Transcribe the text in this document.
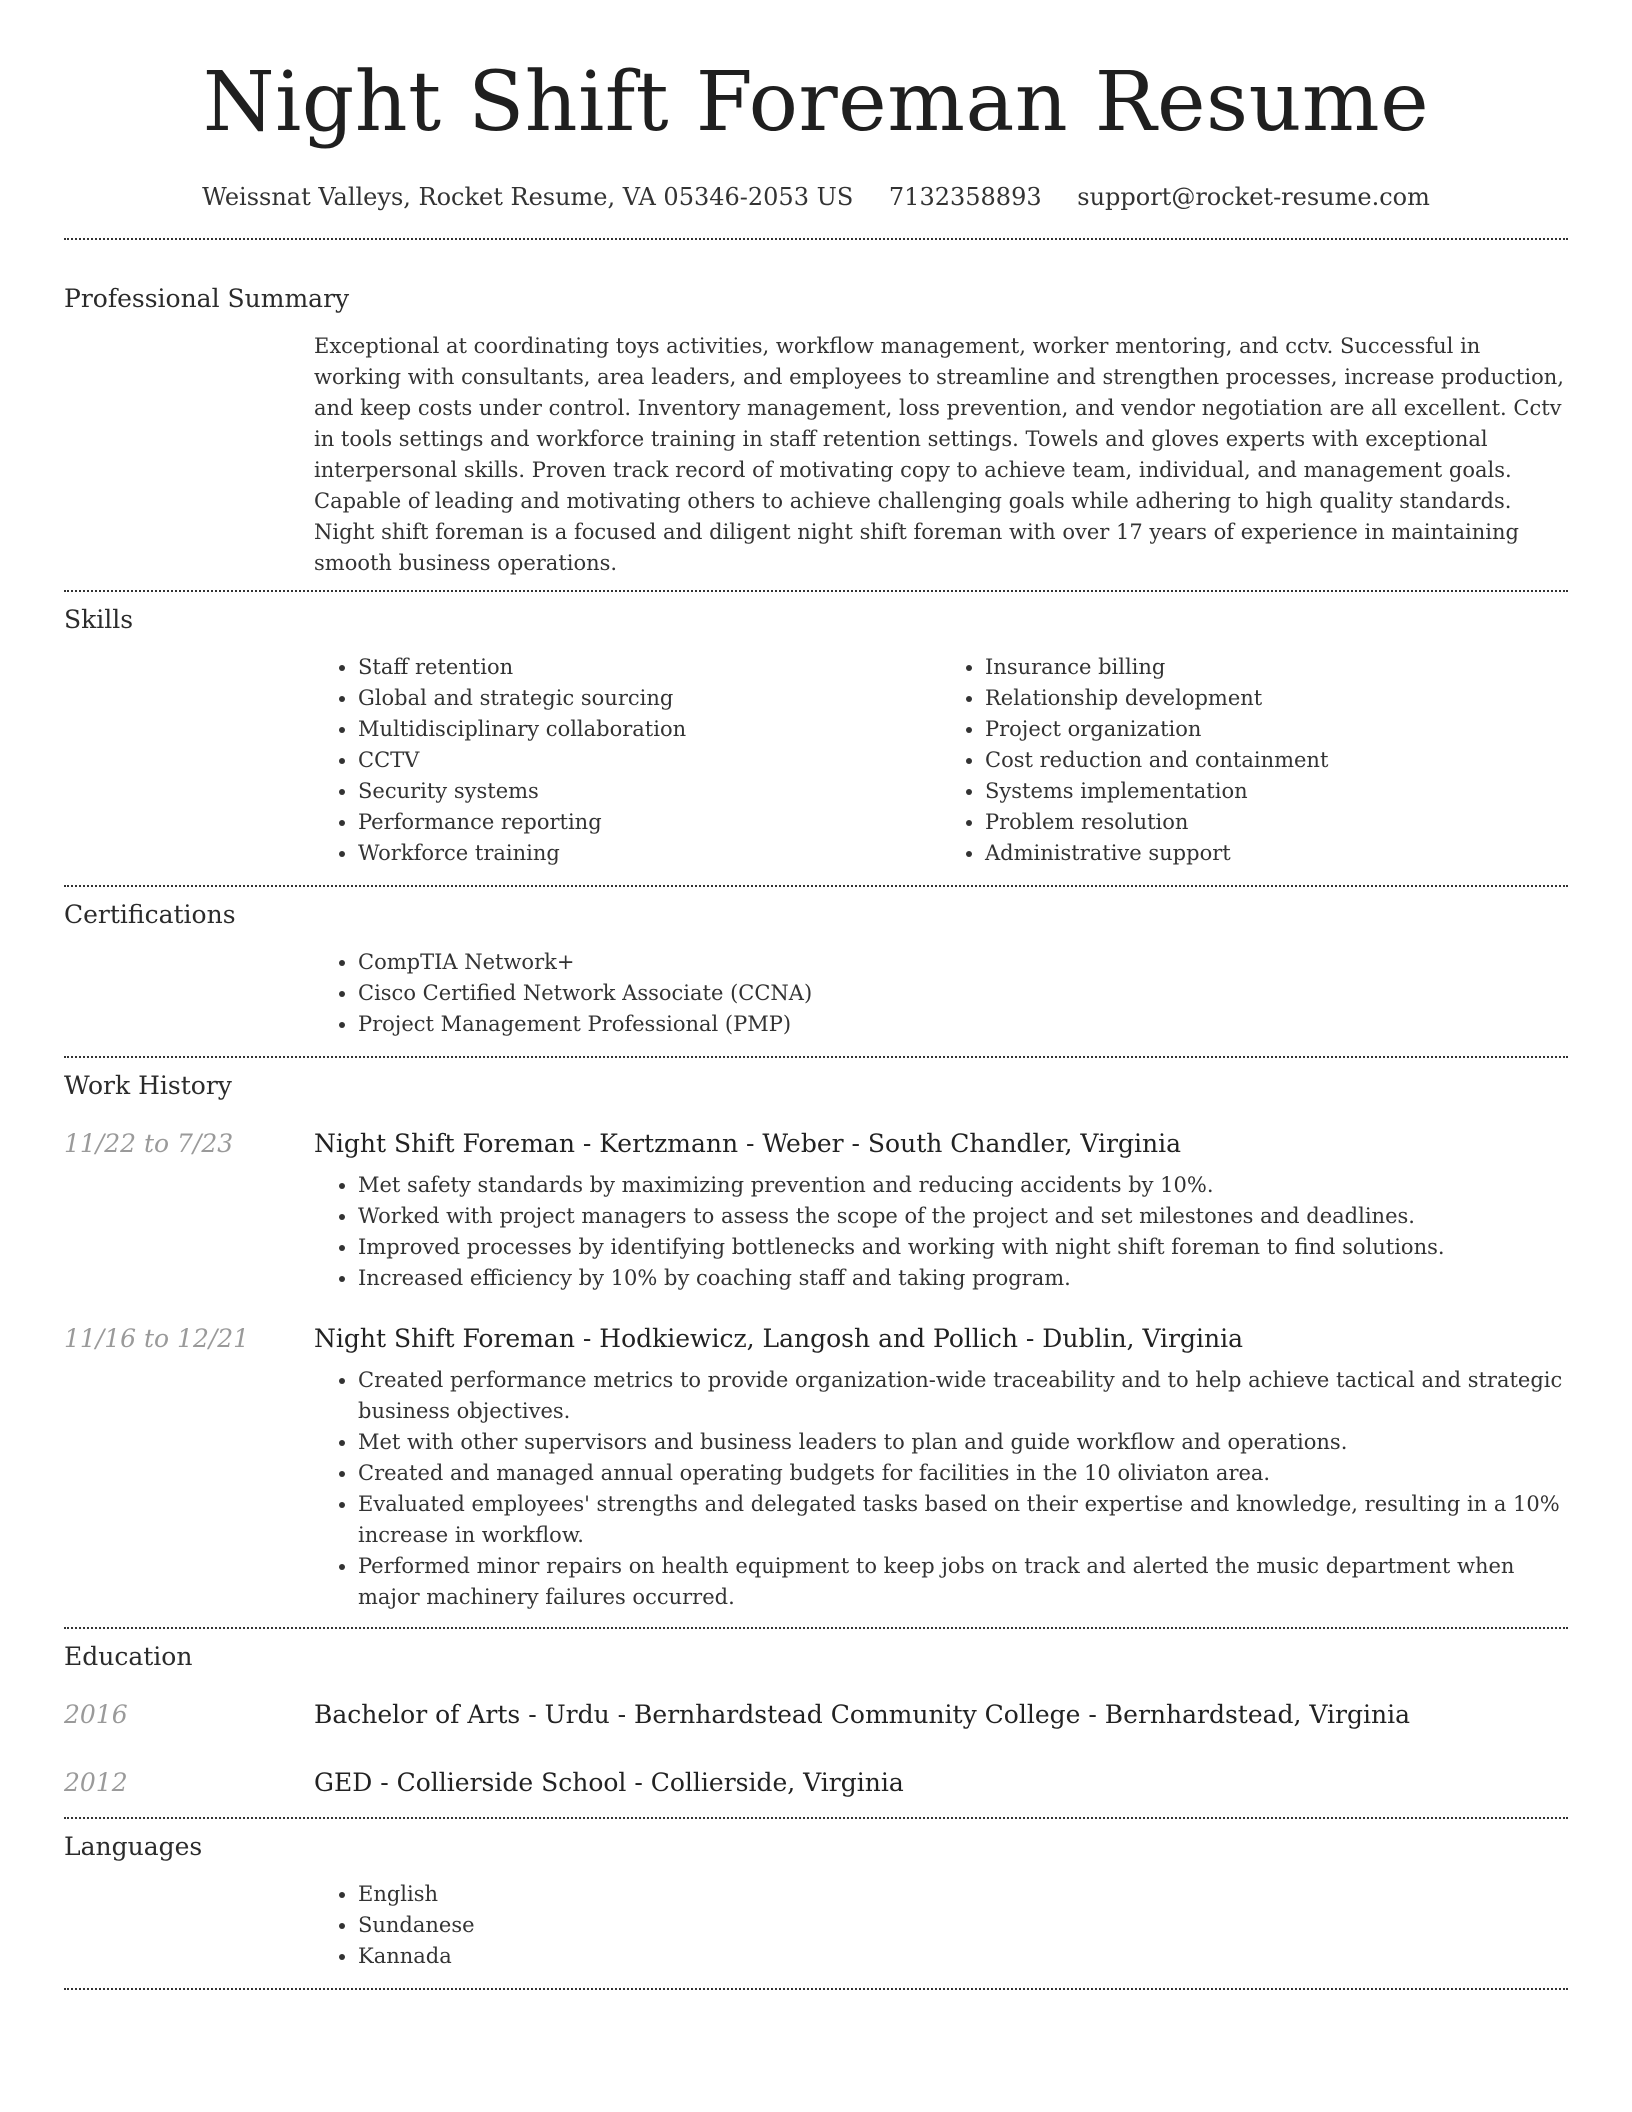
Night Shift Foreman Resume
Weissnat Valleys, Rocket Resume, VA 05346-2053 US 7132358893 support@rocket-resume.com
Professional Summary
Exceptional at coordinating toys activities, workflow management, worker mentoring, and cctv. Successful in working with consultants, area leaders, and employees to streamline and strengthen processes, increase production, and keep costs under control. Inventory management, loss prevention, and vendor negotiation are all excellent. Cctv in tools settings and workforce training in staff retention settings. Towels and gloves experts with exceptional interpersonal skills. Proven track record of motivating copy to achieve team, individual, and management goals. Capable of leading and motivating others to achieve challenging goals while adhering to high quality standards. Night shift foreman is a focused and diligent night shift foreman with over 17 years of experience in maintaining smooth business operations.
Skills
• Staff retention
• Global and strategic sourcing
• Multidisciplinary collaboration
• CCTV
• Security systems
• Performance reporting
• Workforce training
• Insurance billing
• Relationship development
• Project organization
• Cost reduction and containment
• Systems implementation
• Problem resolution
• Administrative support
Certifications
• CompTIA Network+
• Cisco Certified Network Associate (CCNA)
• Project Management Professional (PMP)
Work History
11/22 to 7/23	Night Shift Foreman - Kertzmann - Weber - South Chandler, Virginia
• Met safety standards by maximizing prevention and reducing accidents by 10%.
• Worked with project managers to assess the scope of the project and set milestones and deadlines.
• Improved processes by identifying bottlenecks and working with night shift foreman to find solutions.
• Increased efficiency by 10% by coaching staff and taking program.
11/16 to 12/21	Night Shift Foreman - Hodkiewicz, Langosh and Pollich - Dublin, Virginia
• Created performance metrics to provide organization-wide traceability and to help achieve tactical and strategic business objectives.
• Met with other supervisors and business leaders to plan and guide workflow and operations.
• Created and managed annual operating budgets for facilities in the 10 oliviaton area.
• Evaluated employees' strengths and delegated tasks based on their expertise and knowledge, resulting in a 10% increase in workflow.
• Performed minor repairs on health equipment to keep jobs on track and alerted the music department when major machinery failures occurred.
Education
2016	Bachelor of Arts - Urdu - Bernhardstead Community College - Bernhardstead, Virginia
2012	GED - Collierside School - Collierside, Virginia
Languages
• English
• Sundanese
• Kannada
